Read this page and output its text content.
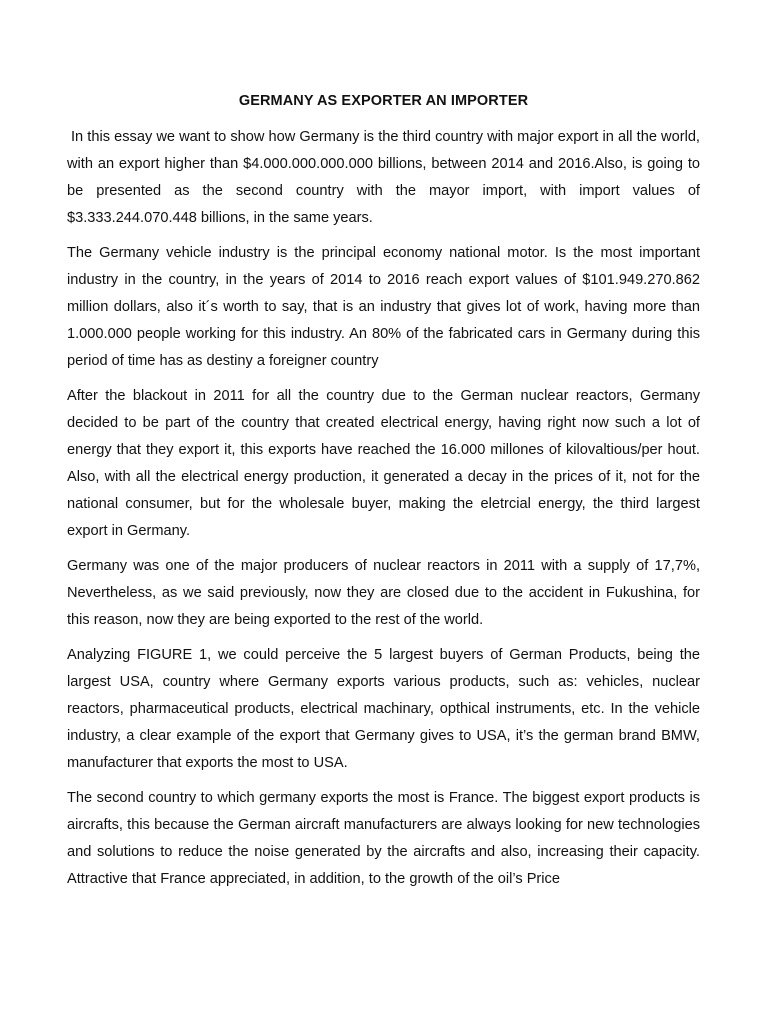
GERMANY AS EXPORTER AN IMPORTER

In this essay we want to show how Germany is the third country with major export in all the world, with an export higher than $4.000.000.000.000 billions, between 2014 and 2016.Also, is going to be presented as the second country with the mayor import, with import values of $3.333.244.070.448 billions, in the same years.

The Germany vehicle industry is the principal economy national motor. Is the most important industry in the country, in the years of 2014 to 2016 reach export values of $101.949.270.862 million dollars, also it´s worth to say, that is an industry that gives lot of work, having more than 1.000.000 people working for this industry. An 80% of the fabricated cars in Germany during this period of time has as destiny a foreigner country

After the blackout in 2011 for all the country due to the German nuclear reactors, Germany decided to be part of the country that created electrical energy, having right now such a lot of energy that they export it, this exports have reached the 16.000 millones of kilovaltious/per hout. Also, with all the electrical energy production, it generated a decay in the prices of it, not for the national consumer, but for the wholesale buyer, making the eletrcial energy, the third largest export in Germany.

Germany was one of the major producers of nuclear reactors in 2011 with a supply of 17,7%, Nevertheless, as we said previously, now they are closed due to the accident in Fukushina, for this reason, now they are being exported to the rest of the world.

Analyzing FIGURE 1, we could perceive the 5 largest buyers of German Products, being the largest USA, country where Germany exports various products, such as: vehicles, nuclear reactors, pharmaceutical products, electrical machinary, opthical instruments, etc. In the vehicle industry, a clear example of the export that Germany gives to USA, it’s the german brand BMW, manufacturer that exports the most to USA.

The second country to which germany exports the most is France. The biggest export products is aircrafts, this because the German aircraft manufacturers are always looking for new technologies and solutions to reduce the noise generated by the aircrafts and also, increasing their capacity. Attractive that France appreciated, in addition, to the growth of the oil’s Price
